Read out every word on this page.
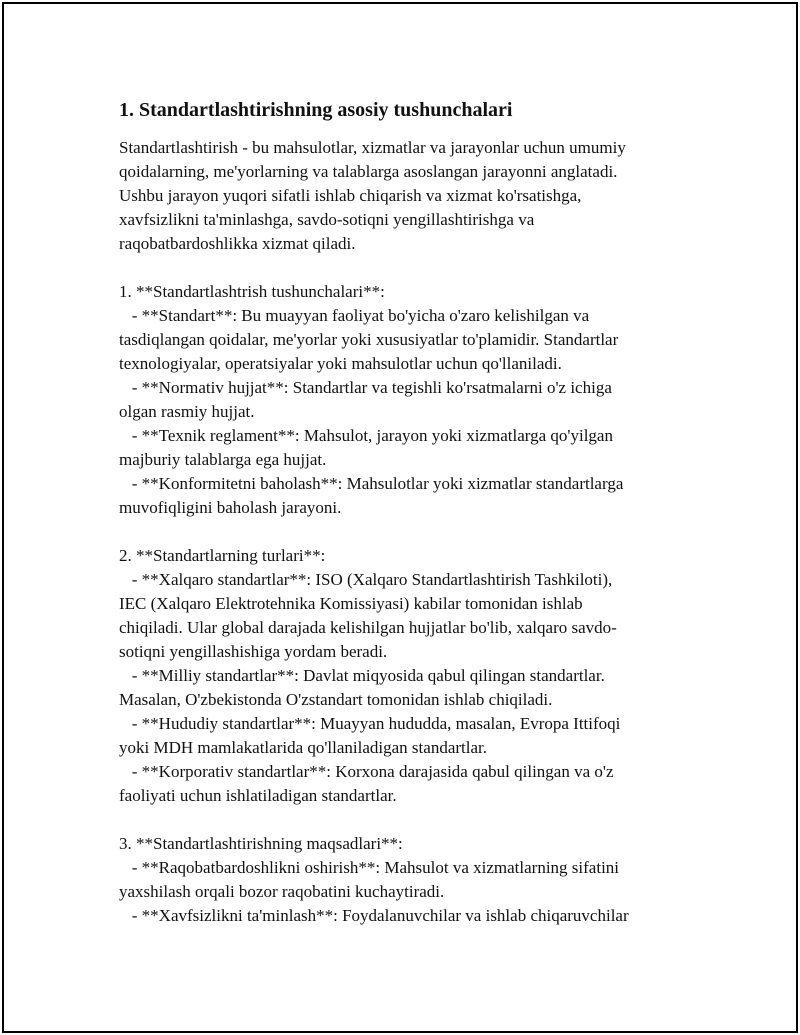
1. Standartlashtirishning asosiy tushunchalari

Standartlashtirish - bu mahsulotlar, xizmatlar va jarayonlar uchun umumiy
qoidalarning, me'yorlarning va talablarga asoslangan jarayonni anglatadi.
Ushbu jarayon yuqori sifatli ishlab chiqarish va xizmat ko'rsatishga,
xavfsizlikni ta'minlashga, savdo-sotiqni yengillashtirishga va
raqobatbardoshlikka xizmat qiladi.

1. **Standartlashtrish tushunchalari**:
- **Standart**: Bu muayyan faoliyat bo'yicha o'zaro kelishilgan va
tasdiqlangan qoidalar, me'yorlar yoki xususiyatlar to'plamidir. Standartlar
texnologiyalar, operatsiyalar yoki mahsulotlar uchun qo'llaniladi.
- **Normativ hujjat**: Standartlar va tegishli ko'rsatmalarni o'z ichiga
olgan rasmiy hujjat.
- **Texnik reglament**: Mahsulot, jarayon yoki xizmatlarga qo'yilgan
majburiy talablarga ega hujjat.
- **Konformitetni baholash**: Mahsulotlar yoki xizmatlar standartlarga
muvofiqligini baholash jarayoni.

2. **Standartlarning turlari**:
- **Xalqaro standartlar**: ISO (Xalqaro Standartlashtirish Tashkiloti),
IEC (Xalqaro Elektrotehnika Komissiyasi) kabilar tomonidan ishlab
chiqiladi. Ular global darajada kelishilgan hujjatlar bo'lib, xalqaro savdo-
sotiqni yengillashishiga yordam beradi.
- **Milliy standartlar**: Davlat miqyosida qabul qilingan standartlar.
Masalan, O'zbekistonda O'zstandart tomonidan ishlab chiqiladi.
- **Hududiy standartlar**: Muayyan hududda, masalan, Evropa Ittifoqi
yoki MDH mamlakatlarida qo'llaniladigan standartlar.
- **Korporativ standartlar**: Korxona darajasida qabul qilingan va o'z
faoliyati uchun ishlatiladigan standartlar.

3. **Standartlashtirishning maqsadlari**:
- **Raqobatbardoshlikni oshirish**: Mahsulot va xizmatlarning sifatini
yaxshilash orqali bozor raqobatini kuchaytiradi.
- **Xavfsizlikni ta'minlash**: Foydalanuvchilar va ishlab chiqaruvchilar
